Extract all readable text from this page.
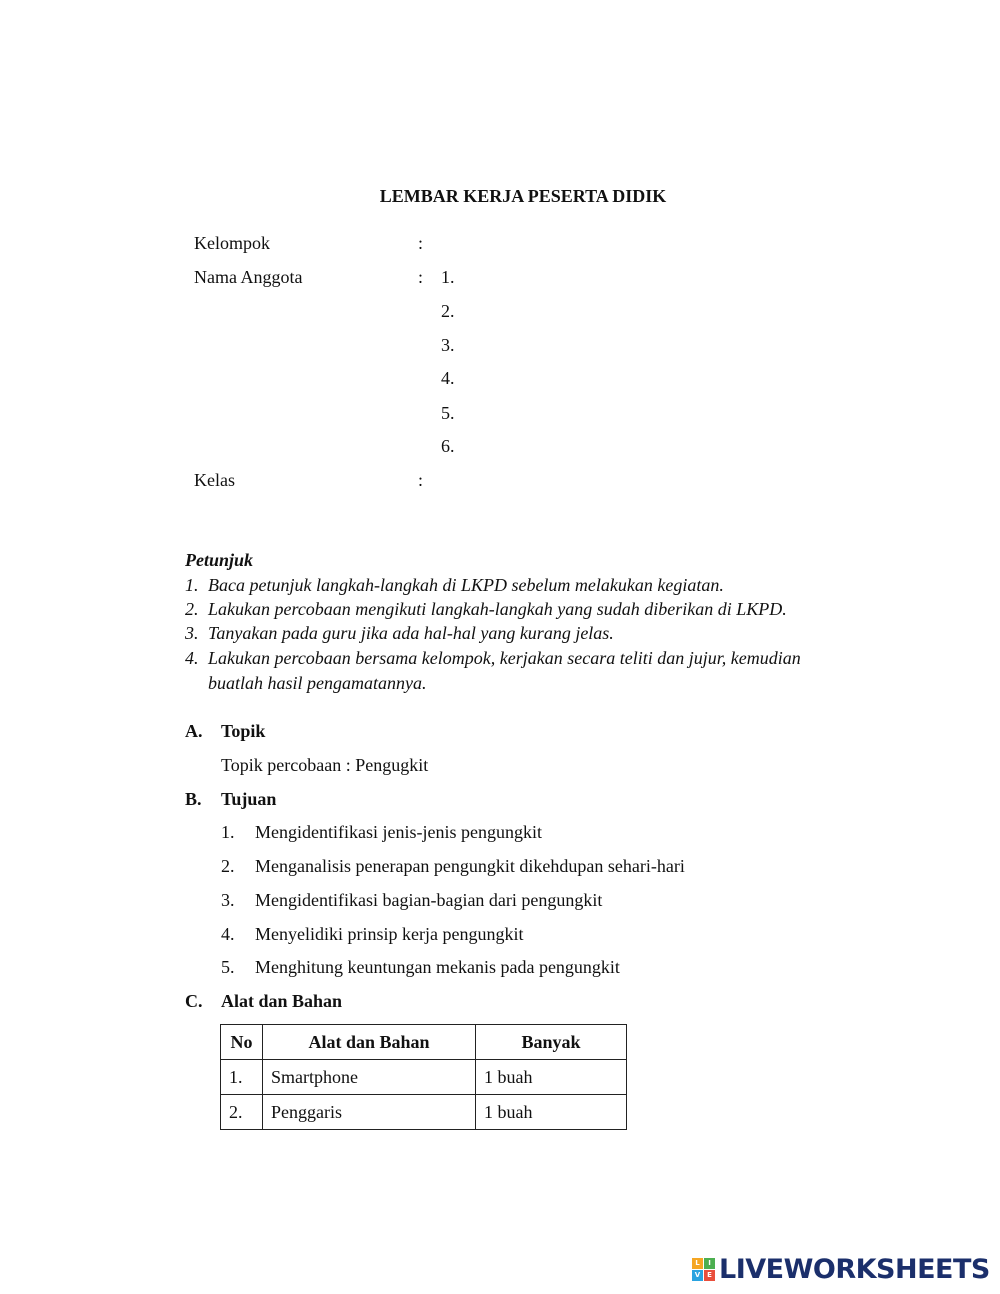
LEMBAR KERJA PESERTA DIDIK
Kelompok	:
Nama Anggota	: 1.
2.
3.
4.
5.
6.
Kelas	:
Petunjuk
1. Baca petunjuk langkah-langkah di LKPD sebelum melakukan kegiatan.
2. Lakukan percobaan mengikuti langkah-langkah yang sudah diberikan di LKPD.
3. Tanyakan pada guru jika ada hal-hal yang kurang jelas.
4. Lakukan percobaan bersama kelompok, kerjakan secara teliti dan jujur, kemudian
buatlah hasil pengamatannya.
A. Topik
Topik percobaan : Pengugkit
B. Tujuan
1. Mengidentifikasi jenis-jenis pengungkit
2. Menganalisis penerapan pengungkit dikehdupan sehari-hari
3. Mengidentifikasi bagian-bagian dari pengungkit
4. Menyelidiki prinsip kerja pengungkit
5. Menghitung keuntungan mekanis pada pengungkit
C. Alat dan Bahan
No	Alat dan Bahan	Banyak
1.	Smartphone	1 buah
2.	Penggaris	1 buah
L	I
V E LIVEWORKSHEETS
